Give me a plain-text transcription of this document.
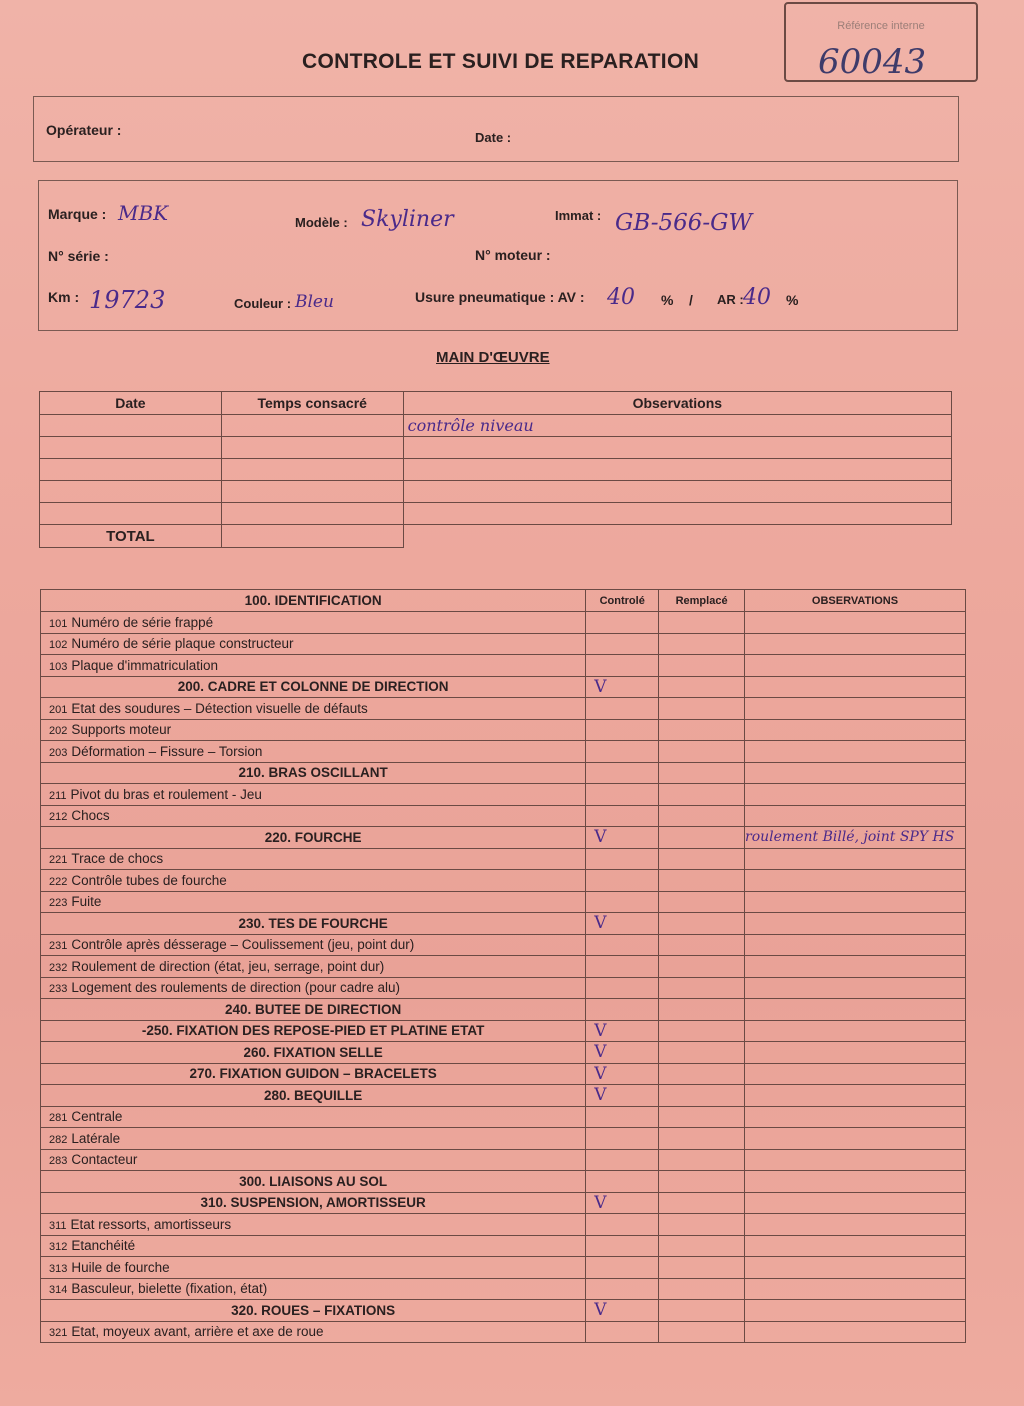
Référence interne
60043
CONTROLE ET SUIVI DE REPARATION
Opérateur :	Date :
Marque : MBK	Modèle : Skyliner	Immat : GB-566-GW
N° série :	N° moteur :
Km : 19723	Couleur : Bleu	Usure pneumatique : AV : 40 % / AR : 40 %
MAIN D'ŒUVRE
Date	Temps consacré	Observations
		contrôle niveau

TOTAL		
100. IDENTIFICATION	Controlé	Remplacé	OBSERVATIONS
101 Numéro de série frappé			
102 Numéro de série plaque constructeur			
103 Plaque d'immatriculation			
200. CADRE ET COLONNE DE DIRECTION	V		
201 Etat des soudures – Détection visuelle de défauts			
202 Supports moteur			
203 Déformation – Fissure – Torsion			
210. BRAS OSCILLANT			
211 Pivot du bras et roulement - Jeu			
212 Chocs			
220. FOURCHE	V		roulement Billé, joint SPY HS
221 Trace de chocs			
222 Contrôle tubes de fourche			
223 Fuite			
230. TES DE FOURCHE	V		
231 Contrôle après désserage – Coulissement (jeu, point dur)			
232 Roulement de direction (état, jeu, serrage, point dur)			
233 Logement des roulements de direction (pour cadre alu)			
240. BUTEE DE DIRECTION			
-250. FIXATION DES REPOSE-PIED ET PLATINE ETAT	V		
260. FIXATION SELLE	V		
270. FIXATION GUIDON – BRACELETS	V		
280. BEQUILLE	V		
281 Centrale			
282 Latérale			
283 Contacteur			
300. LIAISONS AU SOL			
310. SUSPENSION, AMORTISSEUR	V		
311 Etat ressorts, amortisseurs			
312 Etanchéité			
313 Huile de fourche			
314 Basculeur, bielette (fixation, état)			
320. ROUES – FIXATIONS	V		
321 Etat, moyeux avant, arrière et axe de roue			
